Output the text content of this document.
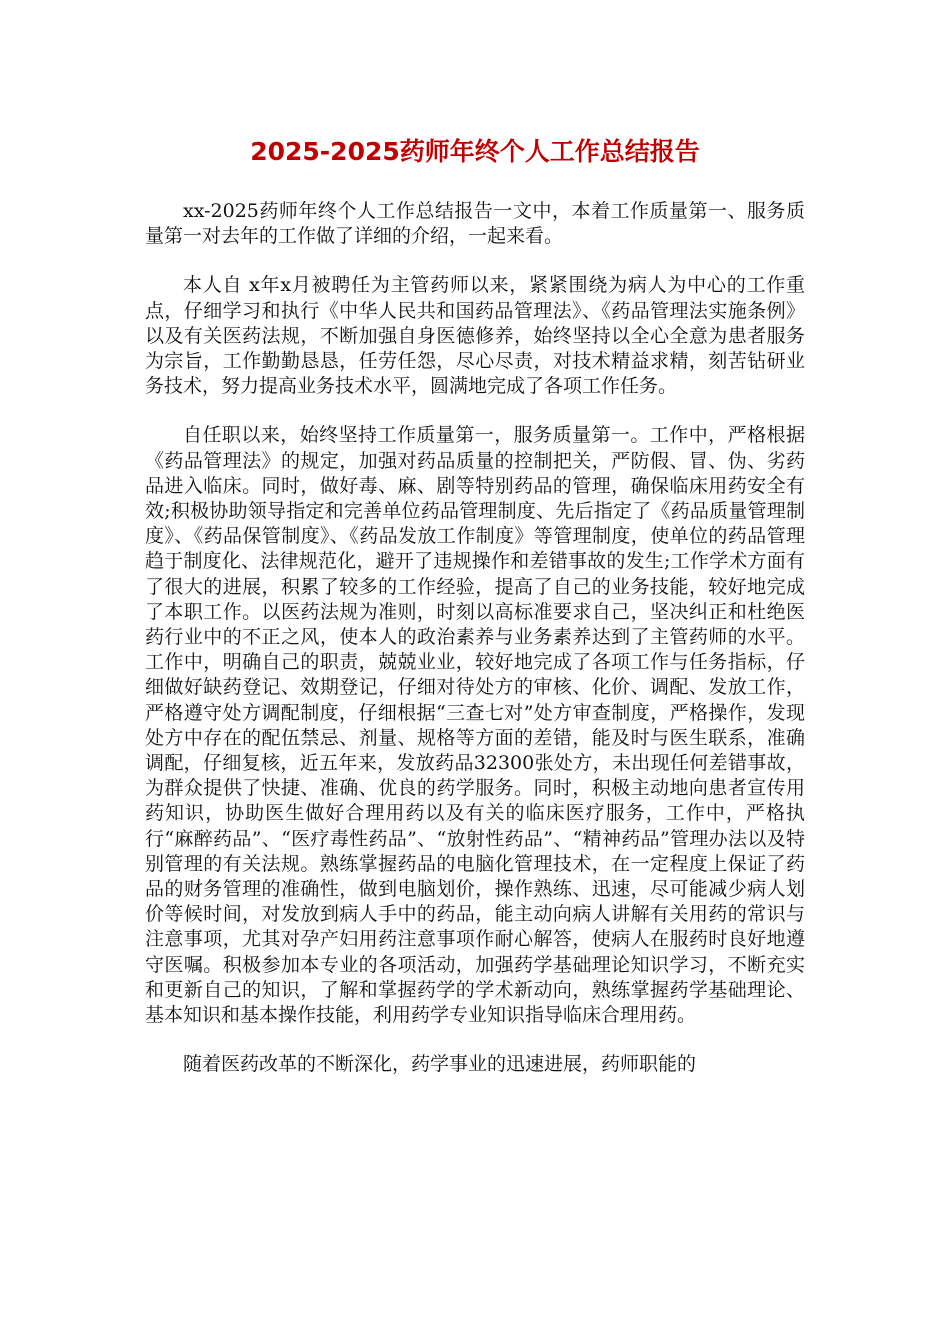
2025-2025药师年终个人工作总结报告

xx-2025药师年终个人工作总结报告一文中，本着工作质量第一、服务质量第一对去年的工作做了详细的介绍，一起来看。

本人自 x年x月被聘任为主管药师以来，紧紧围绕为病人为中心的工作重点，仔细学习和执行《中华人民共和国药品管理法》、《药品管理法实施条例》以及有关医药法规，不断加强自身医德修养，始终坚持以全心全意为患者服务为宗旨，工作勤勤恳恳，任劳任怨，尽心尽责，对技术精益求精，刻苦钻研业务技术，努力提高业务技术水平，圆满地完成了各项工作任务。

自任职以来，始终坚持工作质量第一，服务质量第一。工作中，严格根据《药品管理法》的规定，加强对药品质量的控制把关，严防假、冒、伪、劣药品进入临床。同时，做好毒、麻、剧等特别药品的管理，确保临床用药安全有效;积极协助领导指定和完善单位药品管理制度、先后指定了《药品质量管理制度》、《药品保管制度》、《药品发放工作制度》等管理制度，使单位的药品管理趋于制度化、法律规范化，避开了违规操作和差错事故的发生;工作学术方面有了很大的进展，积累了较多的工作经验，提高了自己的业务技能，较好地完成了本职工作。以医药法规为准则，时刻以高标准要求自己，坚决纠正和杜绝医药行业中的不正之风，使本人的政治素养与业务素养达到了主管药师的水平。工作中，明确自己的职责，兢兢业业，较好地完成了各项工作与任务指标，仔细做好缺药登记、效期登记，仔细对待处方的审核、化价、调配、发放工作，严格遵守处方调配制度，仔细根据“三查七对”处方审查制度，严格操作，发现处方中存在的配伍禁忌、剂量、规格等方面的差错，能及时与医生联系，准确调配，仔细复核，近五年来，发放药品32300张处方，未出现任何差错事故，为群众提供了快捷、准确、优良的药学服务。同时，积极主动地向患者宣传用药知识，协助医生做好合理用药以及有关的临床医疗服务，工作中，严格执行“麻醉药品”、“医疗毒性药品”、“放射性药品”、“精神药品”管理办法以及特别管理的有关法规。熟练掌握药品的电脑化管理技术，在一定程度上保证了药品的财务管理的准确性，做到电脑划价，操作熟练、迅速，尽可能减少病人划价等候时间，对发放到病人手中的药品，能主动向病人讲解有关用药的常识与注意事项，尤其对孕产妇用药注意事项作耐心解答，使病人在服药时良好地遵守医嘱。积极参加本专业的各项活动，加强药学基础理论知识学习，不断充实和更新自己的知识，了解和掌握药学的学术新动向，熟练掌握药学基础理论、基本知识和基本操作技能，利用药学专业知识指导临床合理用药。

随着医药改革的不断深化，药学事业的迅速进展，药师职能的
